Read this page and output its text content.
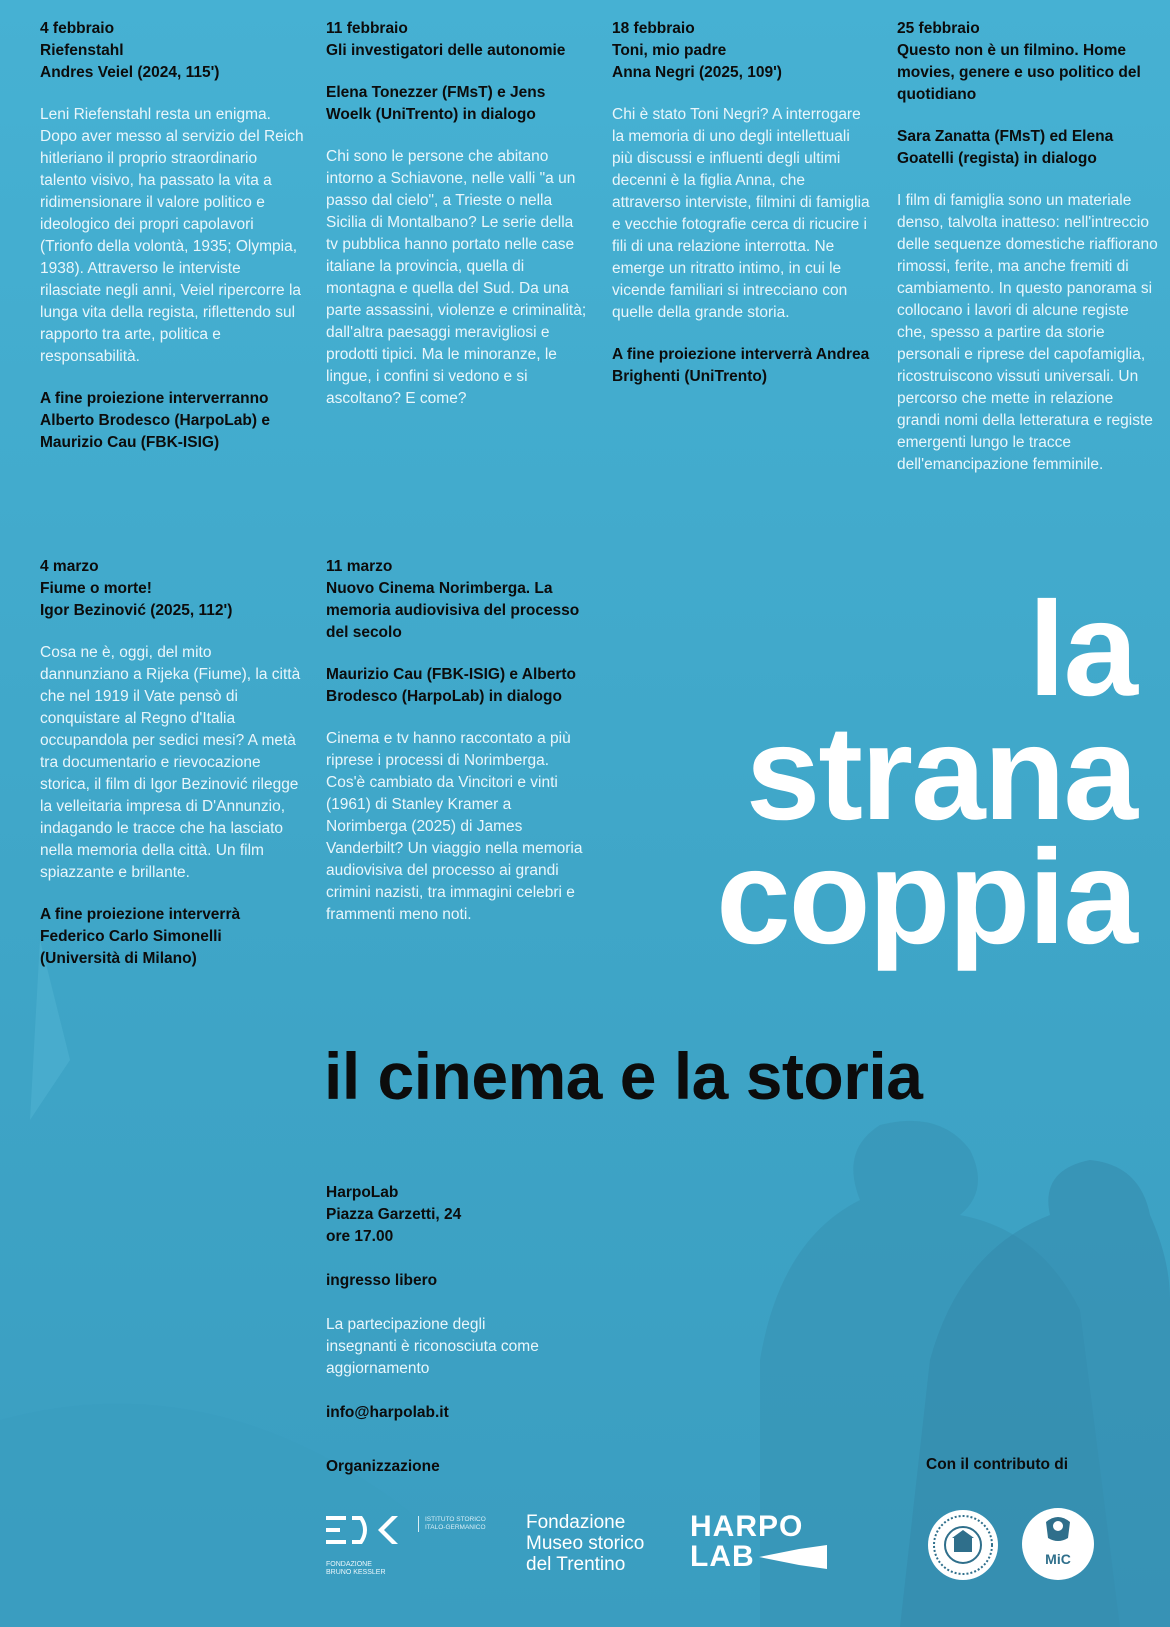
4 febbraio
Riefenstahl
Andres Veiel (2024, 115')
Leni Riefenstahl resta un enigma. Dopo aver messo al servizio del Reich hitleriano il proprio straordinario talento visivo, ha passato la vita a ridimensionare il valore politico e ideologico dei propri capolavori (Trionfo della volontà, 1935; Olympia, 1938). Attraverso le interviste rilasciate negli anni, Veiel ripercorre la lunga vita della regista, riflettendo sul rapporto tra arte, politica e responsabilità.
A fine proiezione interverranno Alberto Brodesco (HarpoLab) e Maurizio Cau (FBK-ISIG)
11 febbraio
Gli investigatori delle autonomie
Elena Tonezzer (FMsT) e Jens Woelk (UniTrento) in dialogo
Chi sono le persone che abitano intorno a Schiavone, nelle valli "a un passo dal cielo", a Trieste o nella Sicilia di Montalbano? Le serie della tv pubblica hanno portato nelle case italiane la provincia, quella di montagna e quella del Sud. Da una parte assassini, violenze e criminalità; dall'altra paesaggi meravigliosi e prodotti tipici. Ma le minoranze, le lingue, i confini si vedono e si ascoltano? E come?
18 febbraio
Toni, mio padre
Anna Negri (2025, 109')
Chi è stato Toni Negri? A interrogare la memoria di uno degli intellettuali più discussi e influenti degli ultimi decenni è la figlia Anna, che attraverso interviste, filmini di famiglia e vecchie fotografie cerca di ricucire i fili di una relazione interrotta. Ne emerge un ritratto intimo, in cui le vicende familiari si intrecciano con quelle della grande storia.
A fine proiezione interverrà Andrea Brighenti (UniTrento)
25 febbraio
Questo non è un filmino. Home movies, genere e uso politico del quotidiano
Sara Zanatta (FMsT) ed Elena Goatelli (regista) in dialogo
I film di famiglia sono un materiale denso, talvolta inatteso: nell'intreccio delle sequenze domestiche riaffiorano rimossi, ferite, ma anche fremiti di cambiamento. In questo panorama si collocano i lavori di alcune registe che, spesso a partire da storie personali e riprese del capofamiglia, ricostruiscono vissuti universali. Un percorso che mette in relazione grandi nomi della letteratura e registe emergenti lungo le tracce dell'emancipazione femminile.
4 marzo
Fiume o morte!
Igor Bezinović (2025, 112')
Cosa ne è, oggi, del mito dannunziano a Rijeka (Fiume), la città che nel 1919 il Vate pensò di conquistare al Regno d'Italia occupandola per sedici mesi? A metà tra documentario e rievocazione storica, il film di Igor Bezinović rilegge la velleitaria impresa di D'Annunzio, indagando le tracce che ha lasciato nella memoria della città. Un film spiazzante e brillante.
A fine proiezione interverrà Federico Carlo Simonelli (Università di Milano)
11 marzo
Nuovo Cinema Norimberga. La memoria audiovisiva del processo del secolo
Maurizio Cau (FBK-ISIG) e Alberto Brodesco (HarpoLab) in dialogo
Cinema e tv hanno raccontato a più riprese i processi di Norimberga. Cos'è cambiato da Vincitori e vinti (1961) di Stanley Kramer a Norimberga (2025) di James Vanderbilt? Un viaggio nella memoria audiovisiva del processo ai grandi crimini nazisti, tra immagini celebri e frammenti meno noti.
la
strana
coppia
il cinema e la storia
HarpoLab
Piazza Garzetti, 24
ore 17.00
ingresso libero
La partecipazione degli insegnanti è riconosciuta come aggiornamento
info@harpolab.it
Organizzazione	Con il contributo di
FONDAZIONE BRUNO KESSLER
ISTITUTO STORICO ITALO-GERMANICO	Fondazione
Museo storico
del Trentino
HARPO
LAB	MiC
